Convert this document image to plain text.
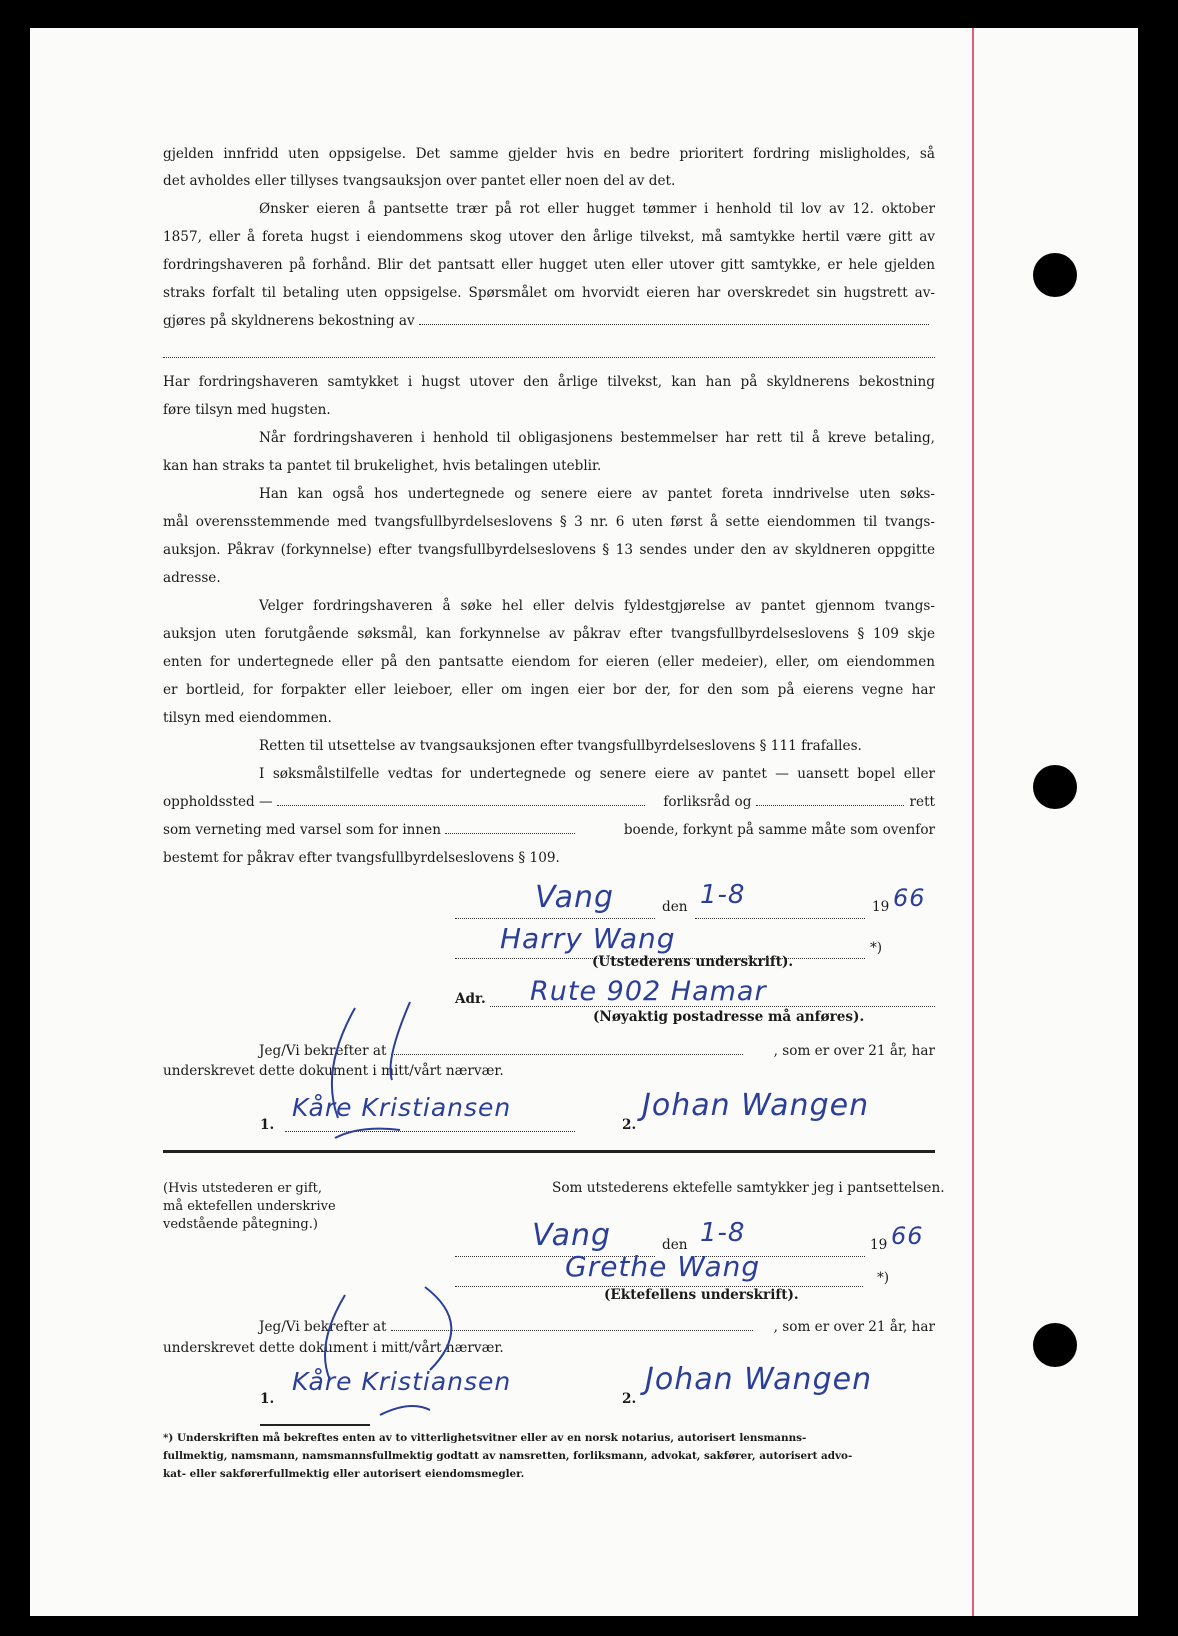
gjelden innfridd uten oppsigelse. Det samme gjelder hvis en bedre prioritert fordring misligholdes, så

det avholdes eller tillyses tvangsauksjon over pantet eller noen del av det.

Ønsker eieren å pantsette trær på rot eller hugget tømmer i henhold til lov av 12. oktober

1857, eller å foreta hugst i eiendommens skog utover den årlige tilvekst, må samtykke hertil være gitt av

fordringshaveren på forhånd. Blir det pantsatt eller hugget uten eller utover gitt samtykke, er hele gjelden

straks forfalt til betaling uten oppsigelse. Spørsmålet om hvorvidt eieren har overskredet sin hugstrett av-

gjøres på skyldnerens bekostning av

Har fordringshaveren samtykket i hugst utover den årlige tilvekst, kan han på skyldnerens bekostning

føre tilsyn med hugsten.

Når fordringshaveren i henhold til obligasjonens bestemmelser har rett til å kreve betaling,

kan han straks ta pantet til brukelighet, hvis betalingen uteblir.

Han kan også hos undertegnede og senere eiere av pantet foreta inndrivelse uten søks-

mål overensstemmende med tvangsfullbyrdelseslovens § 3 nr. 6 uten først å sette eiendommen til tvangs-

auksjon. Påkrav (forkynnelse) efter tvangsfullbyrdelseslovens § 13 sendes under den av skyldneren oppgitte

adresse.

Velger fordringshaveren å søke hel eller delvis fyldestgjørelse av pantet gjennom tvangs-

auksjon uten forutgående søksmål, kan forkynnelse av påkrav efter tvangsfullbyrdelseslovens § 109 skje

enten for undertegnede eller på den pantsatte eiendom for eieren (eller medeier), eller, om eiendommen

er bortleid, for forpakter eller leieboer, eller om ingen eier bor der, for den som på eierens vegne har

tilsyn med eiendommen.

Retten til utsettelse av tvangsauksjonen efter tvangsfullbyrdelseslovens § 111 frafalles.

I søksmålstilfelle vedtas for undertegnede og senere eiere av pantet — uansett bopel eller

oppholdssted —	forliksråd og	rett

som verneting med varsel som for innen	boende, forkynt på samme måte som ovenfor

bestemt for påkrav efter tvangsfullbyrdelseslovens § 109.

Vang	den 1-8	19 66
Harry Wang	*)
(Utstederens underskrift).
Adr. Rute 902 Hamar
(Nøyaktig postadresse må anføres).
Jeg/Vi bekrefter at	, som er over 21 år, har
underskrevet dette dokument i mitt/vårt nærvær.
1.
Kåre Kristiansen
2.
Johan Wangen
(Hvis utstederen er gift,
må ektefellen underskrive
vedstående påtegning.)
Som utstederens ektefelle samtykker jeg i pantsettelsen.
Vang	den 1-8	19 66
Grethe Wang	*)
(Ektefellens underskrift).
Jeg/Vi bekrefter at	, som er over 21 år, har
underskrevet dette dokument i mitt/vårt nærvær.
1.
Kåre Kristiansen
2.
Johan Wangen
*) Underskriften må bekreftes enten av to vitterlighetsvitner eller av en norsk notarius, autorisert lensmanns-
fullmektig, namsmann, namsmannsfullmektig godtatt av namsretten, forliksmann, advokat, sakfører, autorisert advo-
kat- eller sakførerfullmektig eller autorisert eiendomsmegler.
